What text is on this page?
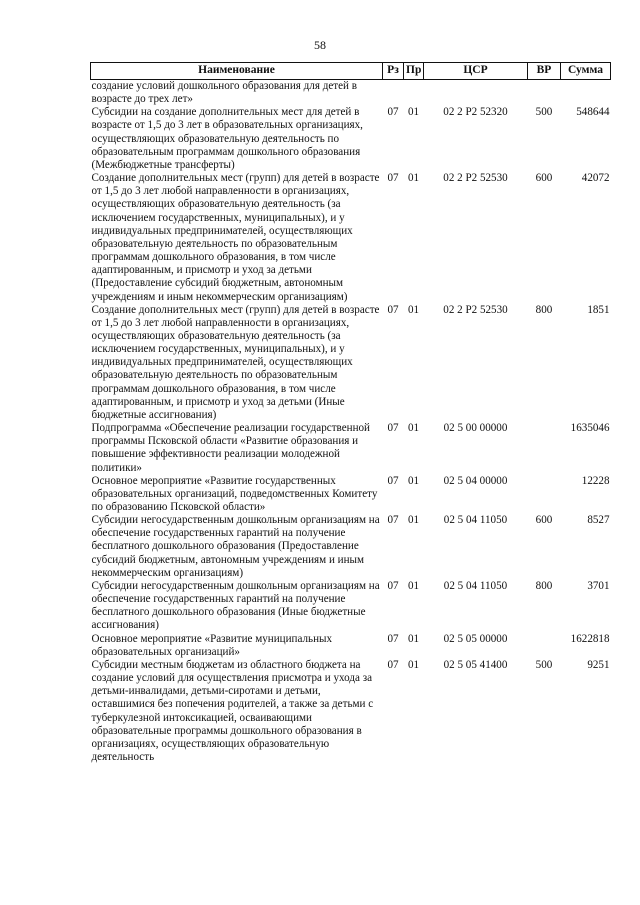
58
Наименование	Рз	Пр	ЦСР	ВР	Сумма
создание условий дошкольного образования для детей в возрасте до трех лет»					
Субсидии на создание дополнительных мест для детей в возрасте от 1,5 до 3 лет в образовательных организациях, осуществляющих образовательную деятельность по образовательным программам дошкольного образования (Межбюджетные трансферты)	07	01	02 2 P2 52320	500	548644
Создание дополнительных мест (групп) для детей в возрасте от 1,5 до 3 лет любой направленности в организациях, осуществляющих образовательную деятельность (за исключением государственных, муниципальных), и у индивидуальных предпринимателей, осуществляющих образовательную деятельность по образовательным программам дошкольного образования, в том числе адаптированным, и присмотр и уход за детьми (Предоставление субсидий бюджетным, автономным учреждениям и иным некоммерческим организациям)	07	01	02 2 P2 52530	600	42072
Создание дополнительных мест (групп) для детей в возрасте от 1,5 до 3 лет любой направленности в организациях, осуществляющих образовательную деятельность (за исключением государственных, муниципальных), и у индивидуальных предпринимателей, осуществляющих образовательную деятельность по образовательным программам дошкольного образования, в том числе адаптированным, и присмотр и уход за детьми (Иные бюджетные ассигнования)	07	01	02 2 P2 52530	800	1851
Подпрограмма «Обеспечение реализации государственной программы Псковской области «Развитие образования и повышение эффективности реализации молодежной политики»	07	01	02 5 00 00000		1635046
Основное мероприятие «Развитие государственных образовательных организаций, подведомственных Комитету по образованию Псковской области»	07	01	02 5 04 00000		12228
Субсидии негосударственным дошкольным организациям на обеспечение государственных гарантий на получение бесплатного дошкольного образования (Предоставление субсидий бюджетным, автономным учреждениям и иным некоммерческим организациям)	07	01	02 5 04 11050	600	8527
Субсидии негосударственным дошкольным организациям на обеспечение государственных гарантий на получение бесплатного дошкольного образования (Иные бюджетные ассигнования)	07	01	02 5 04 11050	800	3701
Основное мероприятие «Развитие муниципальных образовательных организаций»	07	01	02 5 05 00000		1622818
Субсидии местным бюджетам из областного бюджета на создание условий для осуществления присмотра и ухода за детьми-инвалидами, детьми-сиротами и детьми, оставшимися без попечения родителей, а также за детьми с туберкулезной интоксикацией, осваивающими образовательные программы дошкольного образования в организациях, осуществляющих образовательную деятельность	07	01	02 5 05 41400	500	9251
